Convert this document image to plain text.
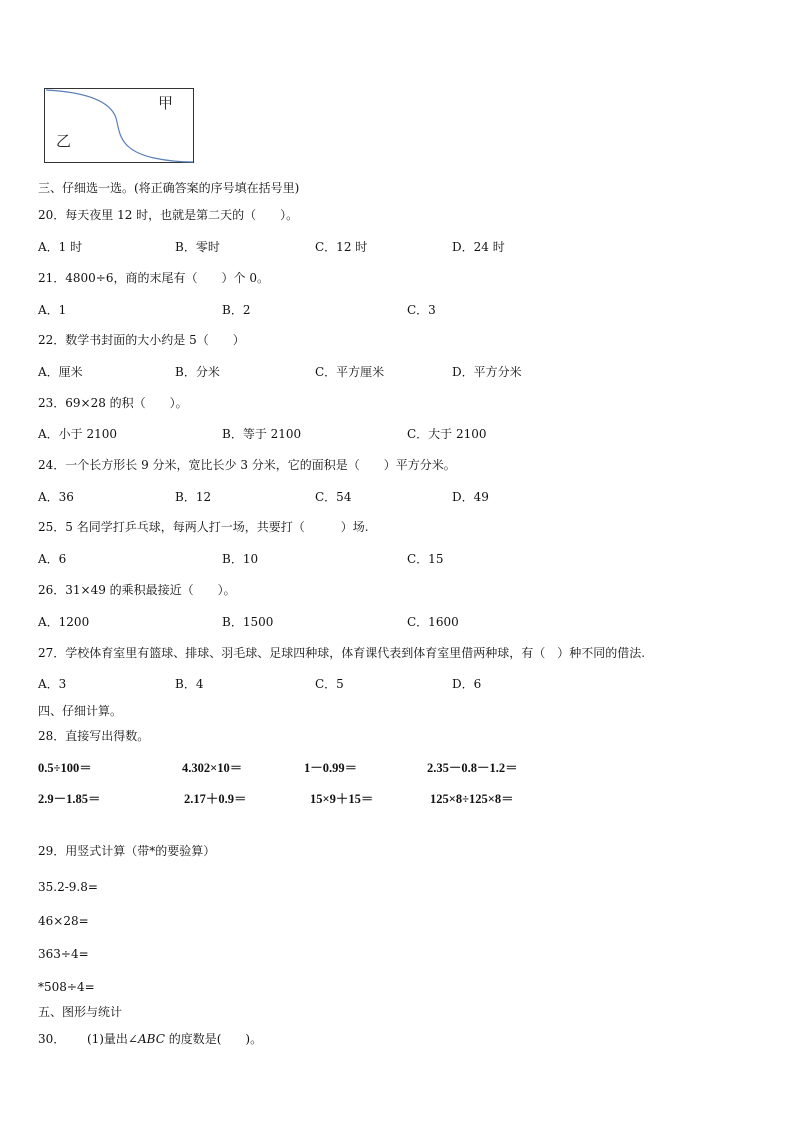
甲
乙
三、仔细选一选。(将正确答案的序号填在括号里)
20．每天夜里 12 时，也就是第二天的（　　）。
A．1 时	B．零时	C．12 时	D．24 时
21．4800÷6，商的末尾有（　　）个 0。
A．1	B．2	C．3
22．数学书封面的大小约是 5（　　）
A．厘米	B．分米	C．平方厘米	D．平方分米
23．69×28 的积（　　）。
A．小于 2100	B．等于 2100	C．大于 2100
24．一个长方形长 9 分米，宽比长少 3 分米，它的面积是（　　）平方分米。
A．36	B．12	C．54	D．49
25．5 名同学打乒乓球，每两人打一场，共要打（　　　）场.
A．6	B．10	C．15
26．31×49 的乘积最接近（　　）。
A．1200	B．1500	C．1600
27．学校体育室里有篮球、排球、羽毛球、足球四种球，体育课代表到体育室里借两种球，有（　）种不同的借法.
A．3	B．4	C．5	D．6
四、仔细计算。
28．直接写出得数。
0.5÷100＝	4.302×10＝	1－0.99＝	2.35－0.8－1.2＝
2.9－1.85＝	2.17＋0.9＝	15×9＋15＝	125×8÷125×8＝
29．用竖式计算（带*的要验算）
35.2-9.8=
46×28=
363÷4=
*508÷4=
五、图形与统计
30． (1)量出∠ABC 的度数是(　　)。
